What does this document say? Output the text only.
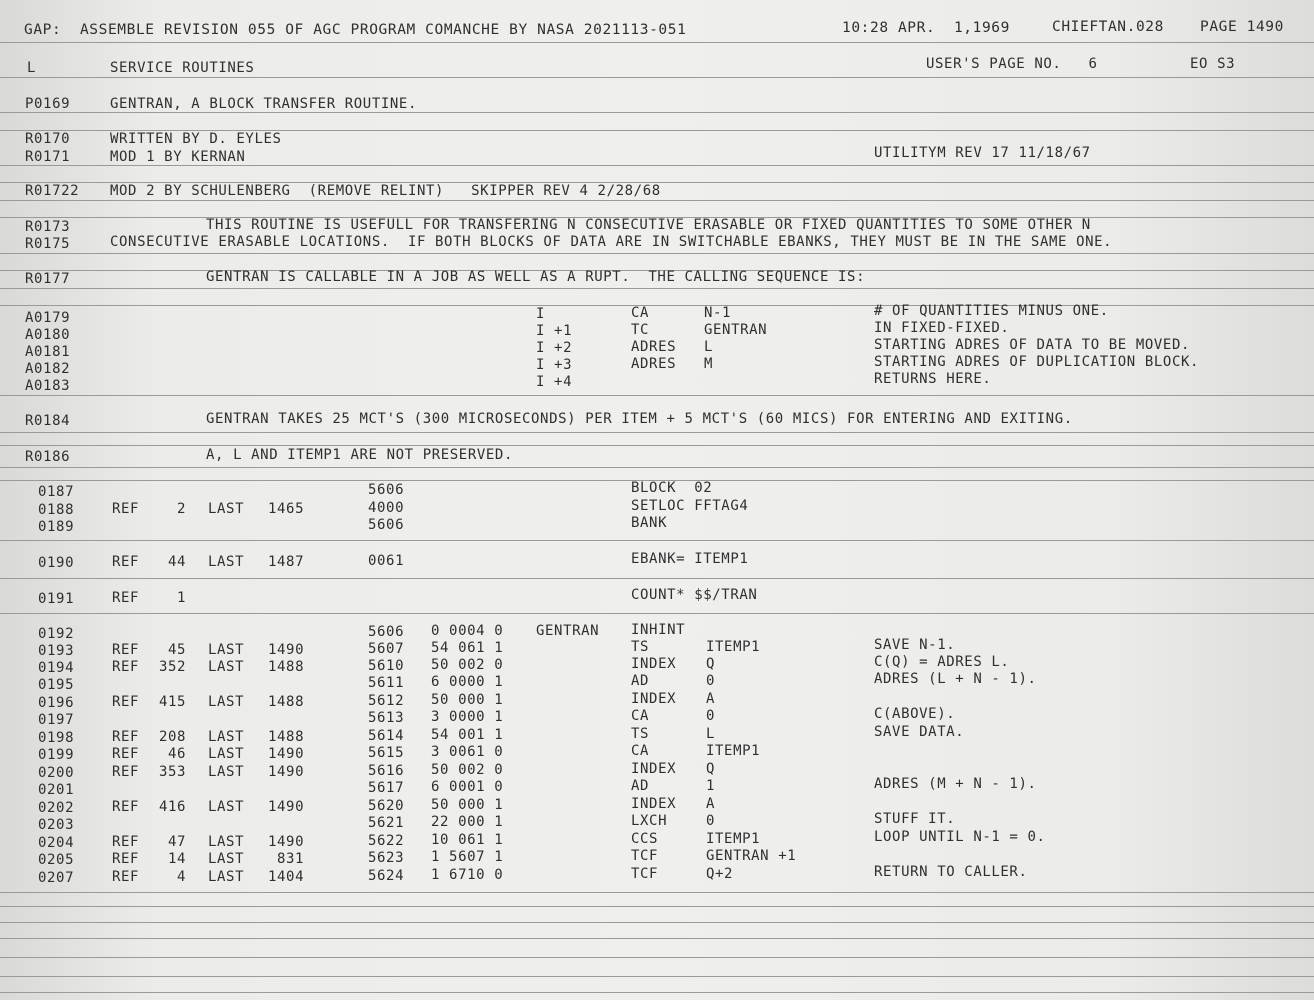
GAP:  ASSEMBLE REVISION 055 OF AGC PROGRAM COMANCHE BY NASA 2021113-051	10:28 APR.  1,1969	CHIEFTAN.028 PAGE 1490
L	SERVICE ROUTINES	USER'S PAGE NO.   6	EO S3
P0169	GENTRAN, A BLOCK TRANSFER ROUTINE.
R0170	WRITTEN BY D. EYLES
R0171	MOD 1 BY KERNAN	UTILITYM REV 17 11/18/67
R01722 MOD 2 BY SCHULENBERG  (REMOVE RELINT)   SKIPPER REV 4 2/28/68
R0173	THIS ROUTINE IS USEFULL FOR TRANSFERING N CONSECUTIVE ERASABLE OR FIXED QUANTITIES TO SOME OTHER N
R0175	CONSECUTIVE ERASABLE LOCATIONS.  IF BOTH BLOCKS OF DATA ARE IN SWITCHABLE EBANKS, THEY MUST BE IN THE SAME ONE.
R0177	GENTRAN IS CALLABLE IN A JOB AS WELL AS A RUPT.  THE CALLING SEQUENCE IS:
R0184	GENTRAN TAKES 25 MCT'S (300 MICROSECONDS) PER ITEM + 5 MCT'S (60 MICS) FOR ENTERING AND EXITING.
R0186	A, L AND ITEMP1 ARE NOT PRESERVED.
A0179	I	CA	N-1	# OF QUANTITIES MINUS ONE.
A0180	I +1	TC	GENTRAN	IN FIXED-FIXED.
A0181	I +2	ADRES L	STARTING ADRES OF DATA TO BE MOVED.
A0182	I +3	ADRES M	STARTING ADRES OF DUPLICATION BLOCK.
A0183	I +4	RETURNS HERE.
0187	5606	BLOCK  02
0188	REF	2 LAST 1465	4000	SETLOC FFTAG4
0189	5606	BANK
0190	REF 44 LAST 1487	0061	EBANK= ITEMP1
0191	REF	1	COUNT* $$/TRAN
0192	5606 0 0004 0 GENTRAN INHINT
0193	REF 45 LAST 1490	5607 54 061 1	TS	ITEMP1	SAVE N-1.
0194	REF 352 LAST 1488	5610 50 002 0	INDEX Q	C(Q) = ADRES L.
0195	5611 6 0000 1	AD	0	ADRES (L + N - 1).
0196	REF 415 LAST 1488	5612 50 000 1	INDEX A
0197	5613 3 0000 1	CA	0	C(ABOVE).
0198	REF 208 LAST 1488	5614 54 001 1	TS	L	SAVE DATA.
0199	REF 46 LAST 1490	5615 3 0061 0	CA	ITEMP1
0200	REF 353 LAST 1490	5616 50 002 0	INDEX Q
0201	5617 6 0001 0	AD	1	ADRES (M + N - 1).
0202	REF 416 LAST 1490	5620 50 000 1	INDEX A
0203	5621 22 000 1	LXCH	0	STUFF IT.
0204	REF 47 LAST 1490	5622 10 061 1	CCS	ITEMP1	LOOP UNTIL N-1 = 0.
0205	REF 14 LAST 831	5623 1 5607 1	TCF	GENTRAN +1
0207	REF	4 LAST 1404	5624 1 6710 0	TCF	Q+2	RETURN TO CALLER.
